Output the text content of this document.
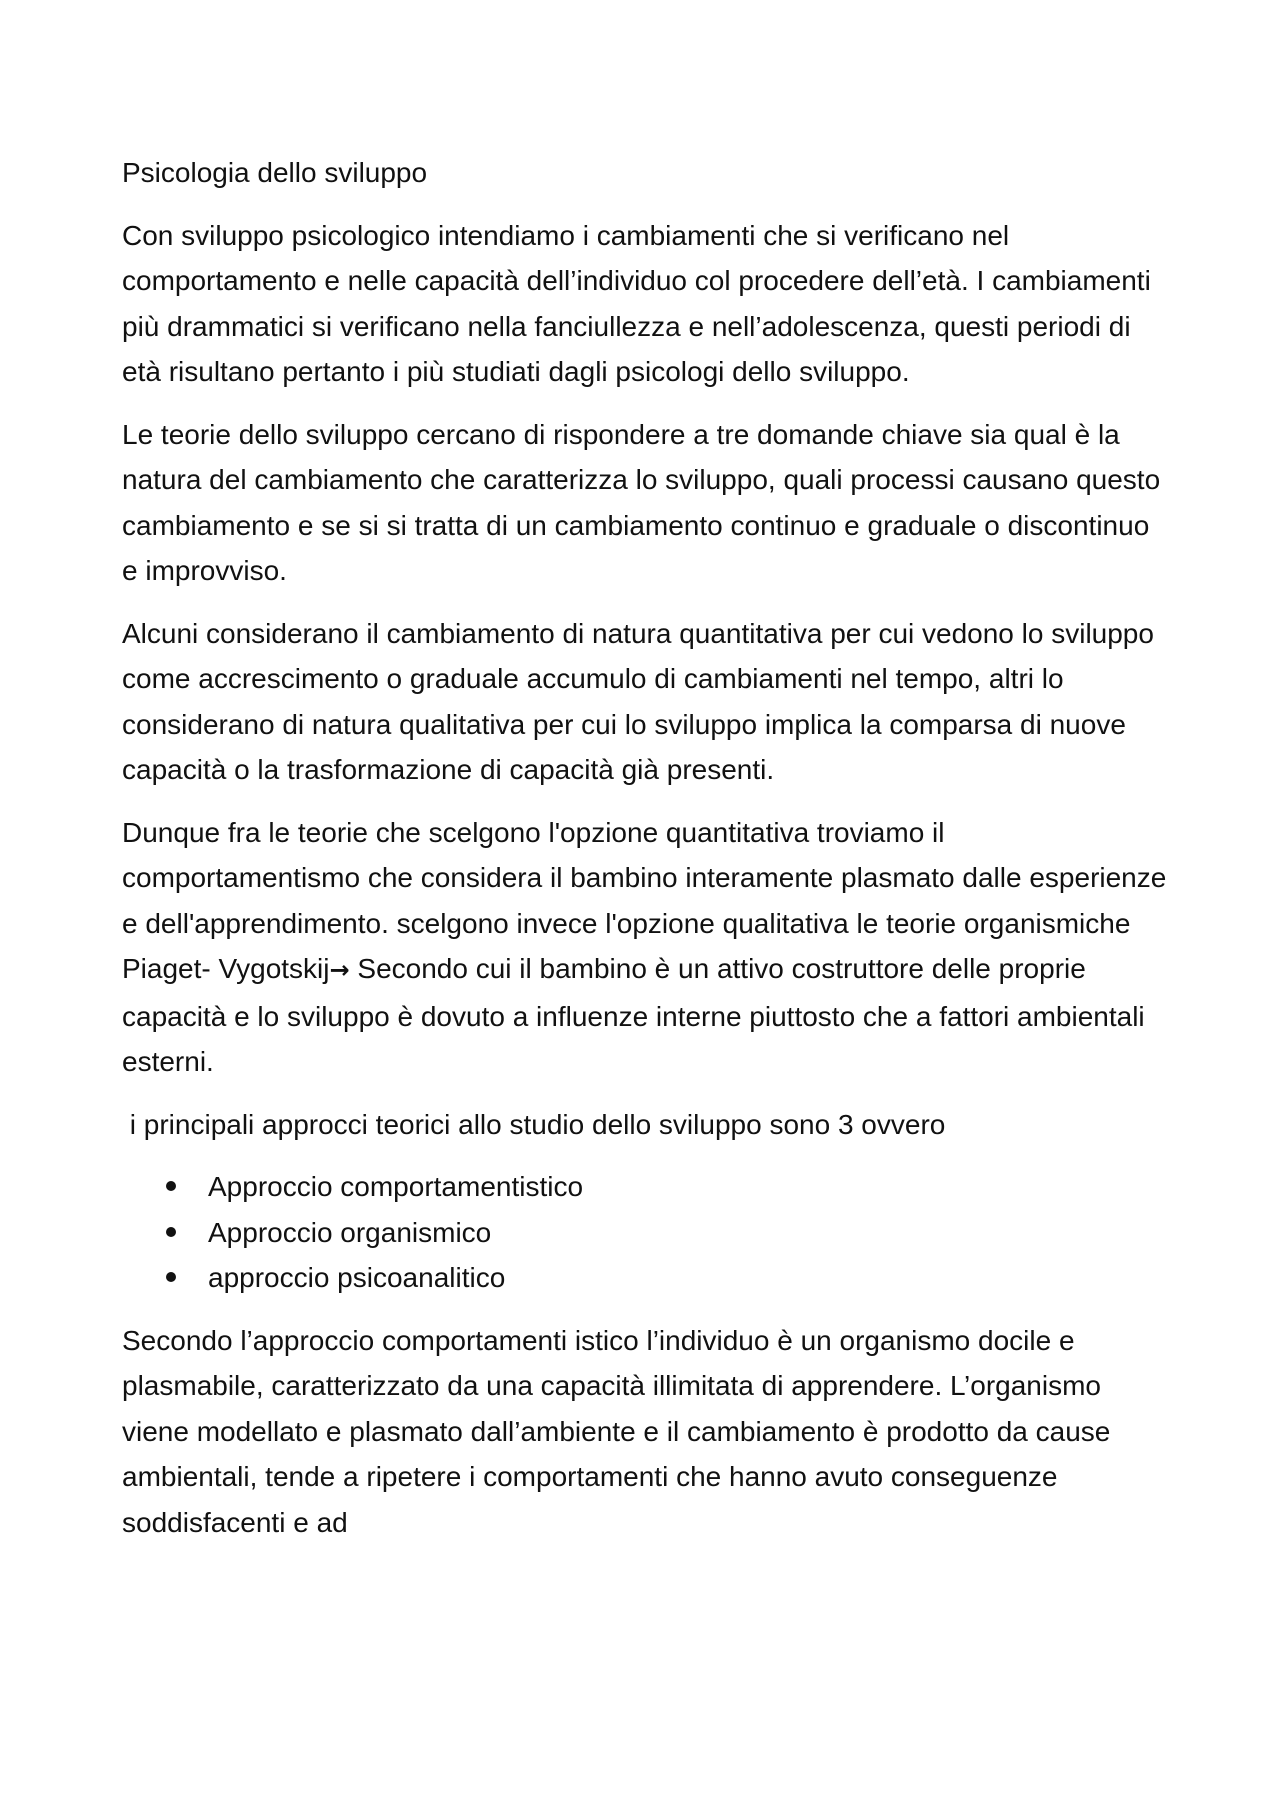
Psicologia dello sviluppo

Con sviluppo psicologico intendiamo i cambiamenti che si verificano nel comportamento e nelle capacità dell’individuo col procedere dell’età. I cambiamenti più drammatici si verificano nella fanciullezza e nell’adolescenza, questi periodi di età risultano pertanto i più studiati dagli psicologi dello sviluppo.

Le teorie dello sviluppo cercano di rispondere a tre domande chiave sia qual è la natura del cambiamento che caratterizza lo sviluppo, quali processi causano questo cambiamento e se si si tratta di un cambiamento continuo e graduale o discontinuo e improvviso.

Alcuni considerano il cambiamento di natura quantitativa per cui vedono lo sviluppo come accrescimento o graduale accumulo di cambiamenti nel tempo, altri lo considerano di natura qualitativa per cui lo sviluppo implica la comparsa di nuove capacità o la trasformazione di capacità già presenti.

Dunque fra le teorie che scelgono l'opzione quantitativa troviamo il comportamentismo che considera il bambino interamente plasmato dalle esperienze e dell'apprendimento. scelgono invece l'opzione qualitativa le teorie organismiche Piaget- Vygotskij→ Secondo cui il bambino è un attivo costruttore delle proprie capacità e lo sviluppo è dovuto a influenze interne piuttosto che a fattori ambientali esterni.

i principali approcci teorici allo studio dello sviluppo sono 3 ovvero

Approccio comportamentistico
Approccio organismico
approccio psicoanalitico

Secondo l’approccio comportamenti istico l’individuo è un organismo docile e plasmabile, caratterizzato da una capacità illimitata di apprendere. L’organismo viene modellato e plasmato dall’ambiente e il cambiamento è prodotto da cause ambientali, tende a ripetere i comportamenti che hanno avuto conseguenze soddisfacenti e ad
